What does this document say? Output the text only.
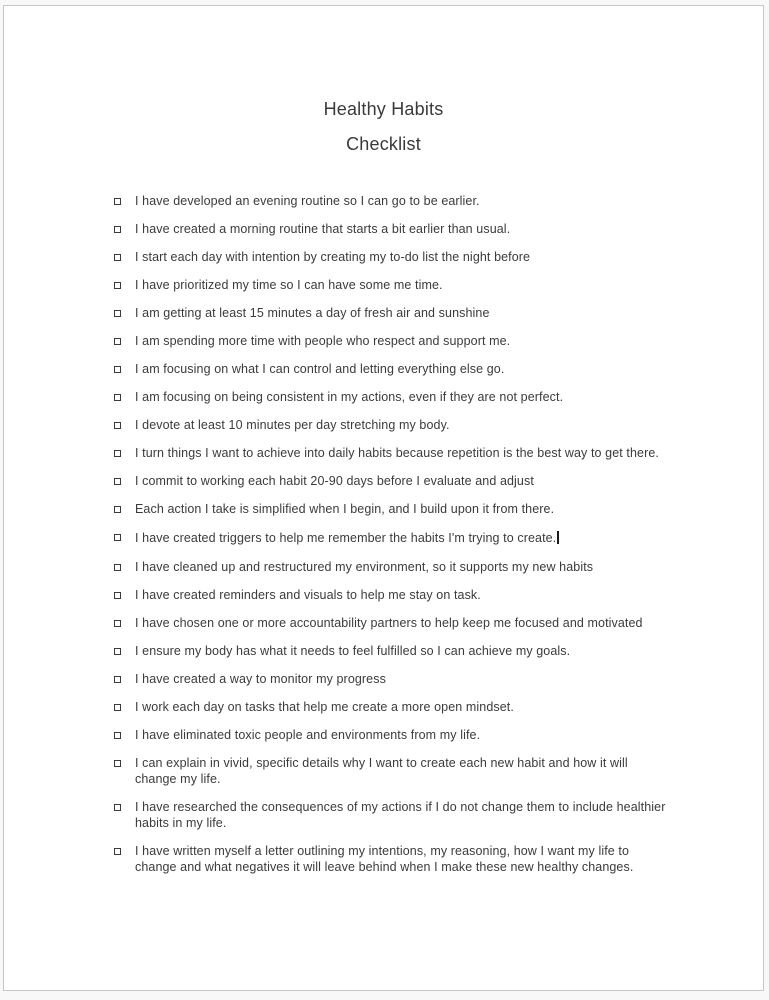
Healthy Habits
Checklist
I have developed an evening routine so I can go to be earlier.
I have created a morning routine that starts a bit earlier than usual.
I start each day with intention by creating my to-do list the night before
I have prioritized my time so I can have some me time.
I am getting at least 15 minutes a day of fresh air and sunshine
I am spending more time with people who respect and support me.
I am focusing on what I can control and letting everything else go.
I am focusing on being consistent in my actions, even if they are not perfect.
I devote at least 10 minutes per day stretching my body.
I turn things I want to achieve into daily habits because repetition is the best way to get there.
I commit to working each habit 20-90 days before I evaluate and adjust
Each action I take is simplified when I begin, and I build upon it from there.
I have created triggers to help me remember the habits I'm trying to create.
I have cleaned up and restructured my environment, so it supports my new habits
I have created reminders and visuals to help me stay on task.
I have chosen one or more accountability partners to help keep me focused and motivated
I ensure my body has what it needs to feel fulfilled so I can achieve my goals.
I have created a way to monitor my progress
I work each day on tasks that help me create a more open mindset.
I have eliminated toxic people and environments from my life.
I can explain in vivid, specific details why I want to create each new habit and how it will change my life.
I have researched the consequences of my actions if I do not change them to include healthier habits in my life.
I have written myself a letter outlining my intentions, my reasoning, how I want my life to change and what negatives it will leave behind when I make these new healthy changes.
